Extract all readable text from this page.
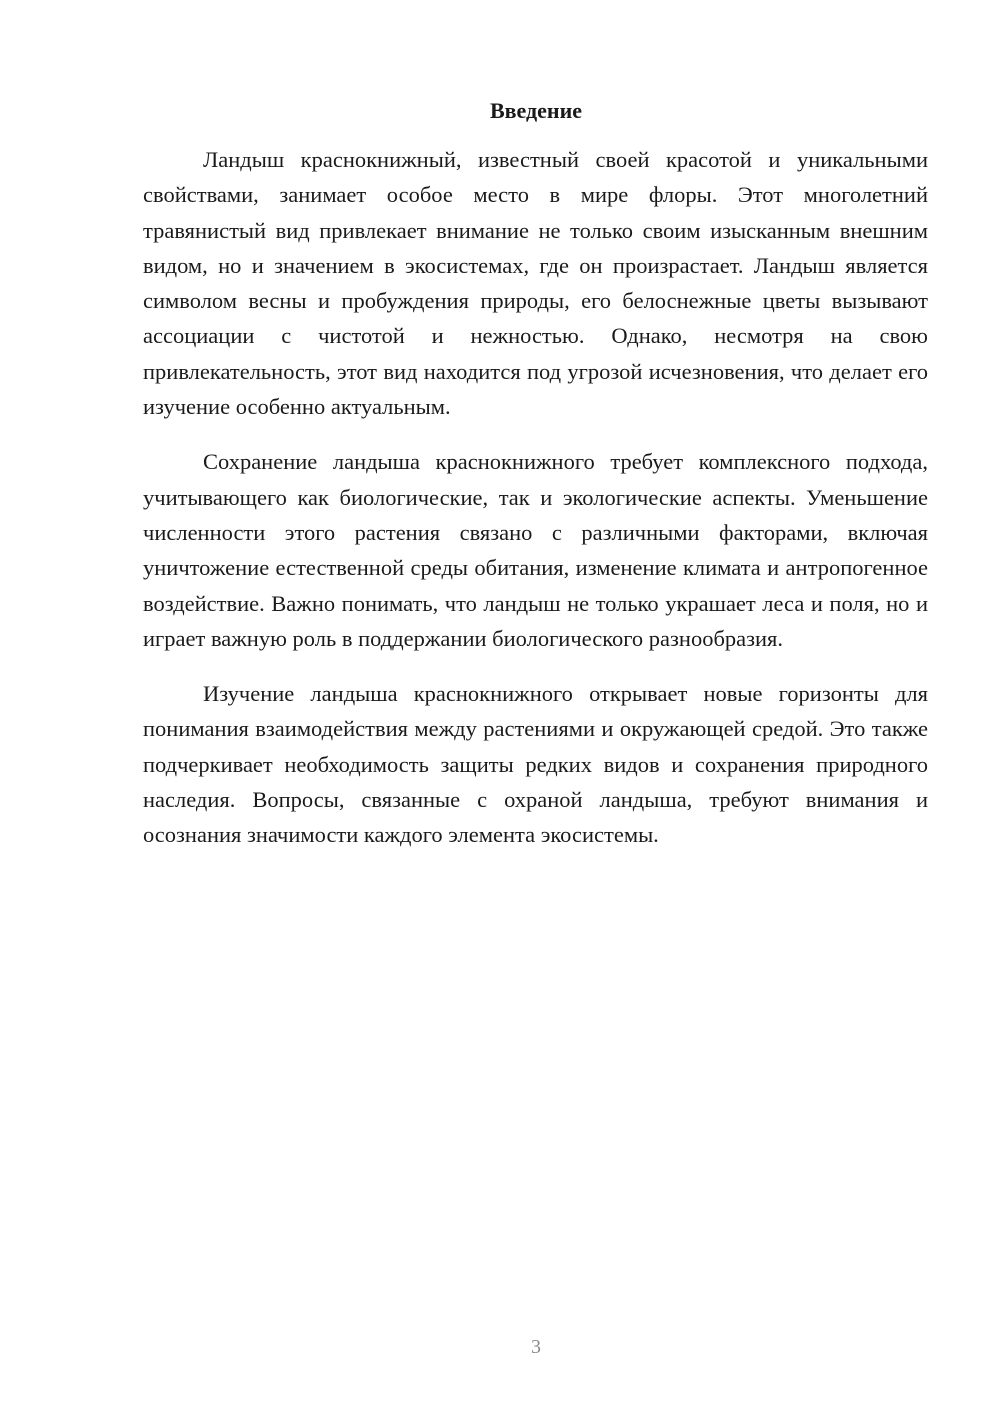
Введение

Ландыш краснокнижный, известный своей красотой и уникальными свойствами, занимает особое место в мире флоры. Этот многолетний травянистый вид привлекает внимание не только своим изысканным внешним видом, но и значением в экосистемах, где он произрастает. Ландыш является символом весны и пробуждения природы, его белоснежные цветы вызывают ассоциации с чистотой и нежностью. Однако, несмотря на свою привлекательность, этот вид находится под угрозой исчезновения, что делает его изучение особенно актуальным.

Сохранение ландыша краснокнижного требует комплексного подхода, учитывающего как биологические, так и экологические аспекты. Уменьшение численности этого растения связано с различными факторами, включая уничтожение естественной среды обитания, изменение климата и антропогенное воздействие. Важно понимать, что ландыш не только украшает леса и поля, но и играет важную роль в поддержании биологического разнообразия.

Изучение ландыша краснокнижного открывает новые горизонты для понимания взаимодействия между растениями и окружающей средой. Это также подчеркивает необходимость защиты редких видов и сохранения природного наследия. Вопросы, связанные с охраной ландыша, требуют внимания и осознания значимости каждого элемента экосистемы.

3
